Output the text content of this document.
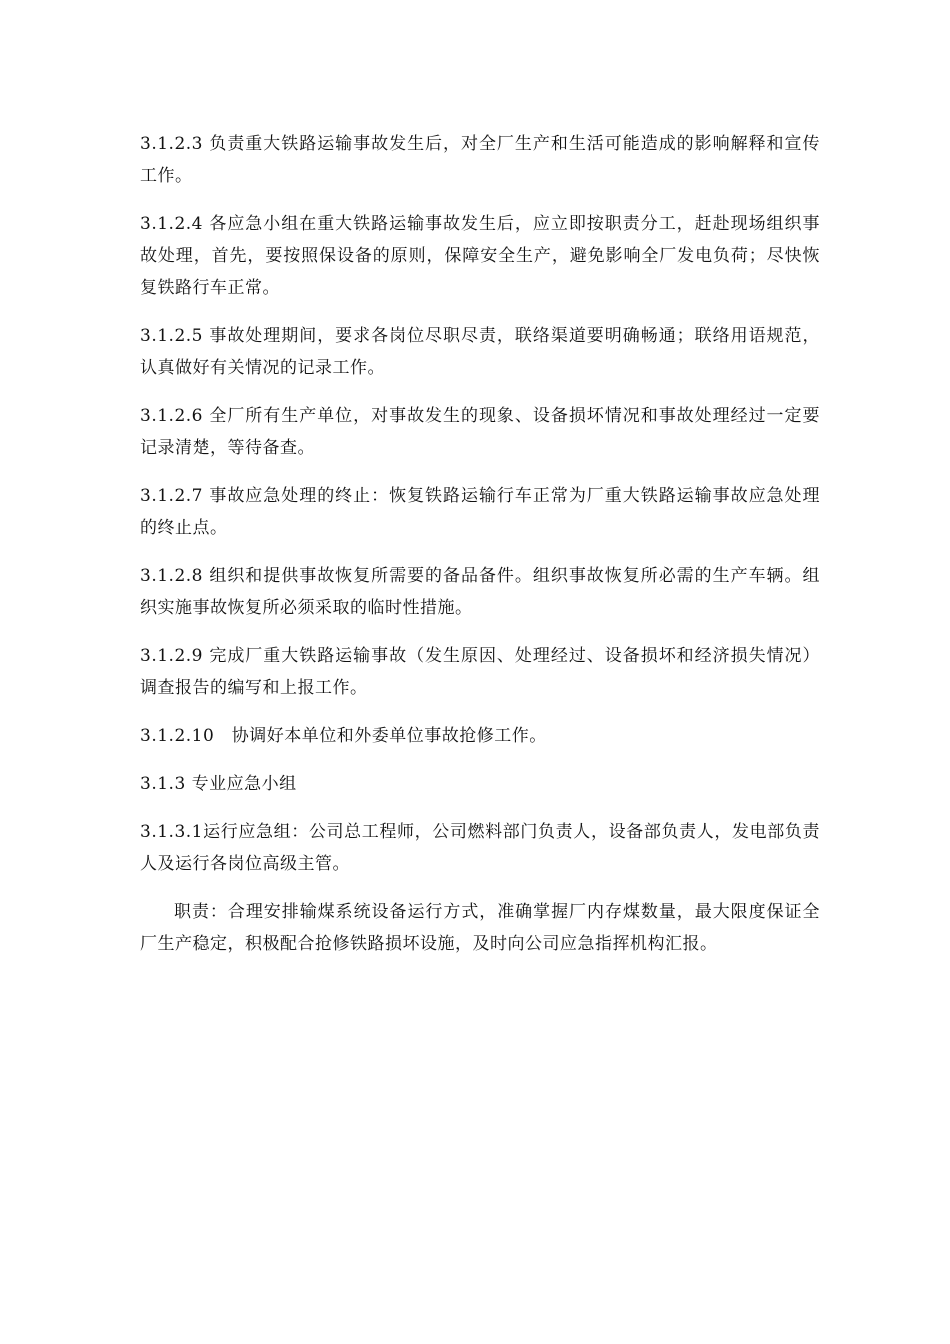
3.1.2.3 负责重大铁路运输事故发生后，对全厂生产和生活可能造成的影响解释和宣传工作。

3.1.2.4 各应急小组在重大铁路运输事故发生后，应立即按职责分工，赶赴现场组织事故处理，首先，要按照保设备的原则，保障安全生产，避免影响全厂发电负荷；尽快恢复铁路行车正常。

3.1.2.5 事故处理期间，要求各岗位尽职尽责，联络渠道要明确畅通；联络用语规范，认真做好有关情况的记录工作。

3.1.2.6 全厂所有生产单位，对事故发生的现象、设备损坏情况和事故处理经过一定要记录清楚，等待备查。

3.1.2.7 事故应急处理的终止：恢复铁路运输行车正常为厂重大铁路运输事故应急处理的终止点。

3.1.2.8 组织和提供事故恢复所需要的备品备件。组织事故恢复所必需的生产车辆。组织实施事故恢复所必须采取的临时性措施。

3.1.2.9 完成厂重大铁路运输事故（发生原因、处理经过、设备损坏和经济损失情况）调查报告的编写和上报工作。

3.1.2.10　协调好本单位和外委单位事故抢修工作。

3.1.3 专业应急小组

3.1.3.1运行应急组：公司总工程师，公司燃料部门负责人，设备部负责人，发电部负责人及运行各岗位高级主管。

职责：合理安排输煤系统设备运行方式，准确掌握厂内存煤数量，最大限度保证全厂生产稳定，积极配合抢修铁路损坏设施，及时向公司应急指挥机构汇报。
